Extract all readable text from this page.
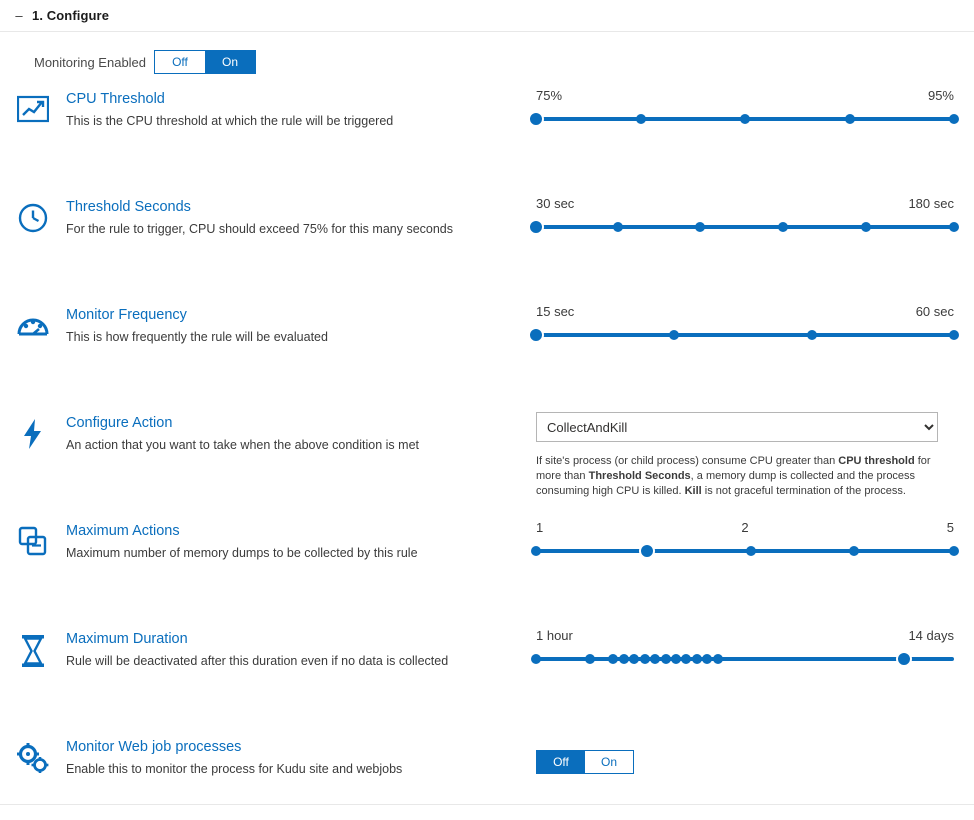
– 1. Configure
Monitoring Enabled	Off	On
CPU Threshold
This is the CPU threshold at which the rule will be triggered
75%	95%
Threshold Seconds
For the rule to trigger, CPU should exceed 75% for this many seconds
30 sec	180 sec
Monitor Frequency
This is how frequently the rule will be evaluated
15 sec	60 sec
Configure Action
An action that you want to take when the above condition is met
CollectAndKill
If site's process (or child process) consume CPU greater than CPU threshold for more than Threshold Seconds, a memory dump is collected and the process consuming high CPU is killed. Kill is not graceful termination of the process.
Maximum Actions
Maximum number of memory dumps to be collected by this rule
1	2	5
Maximum Duration
Rule will be deactivated after this duration even if no data is collected
1 hour	14 days
Monitor Web job processes
Enable this to monitor the process for Kudu site and webjobs	Off	On
